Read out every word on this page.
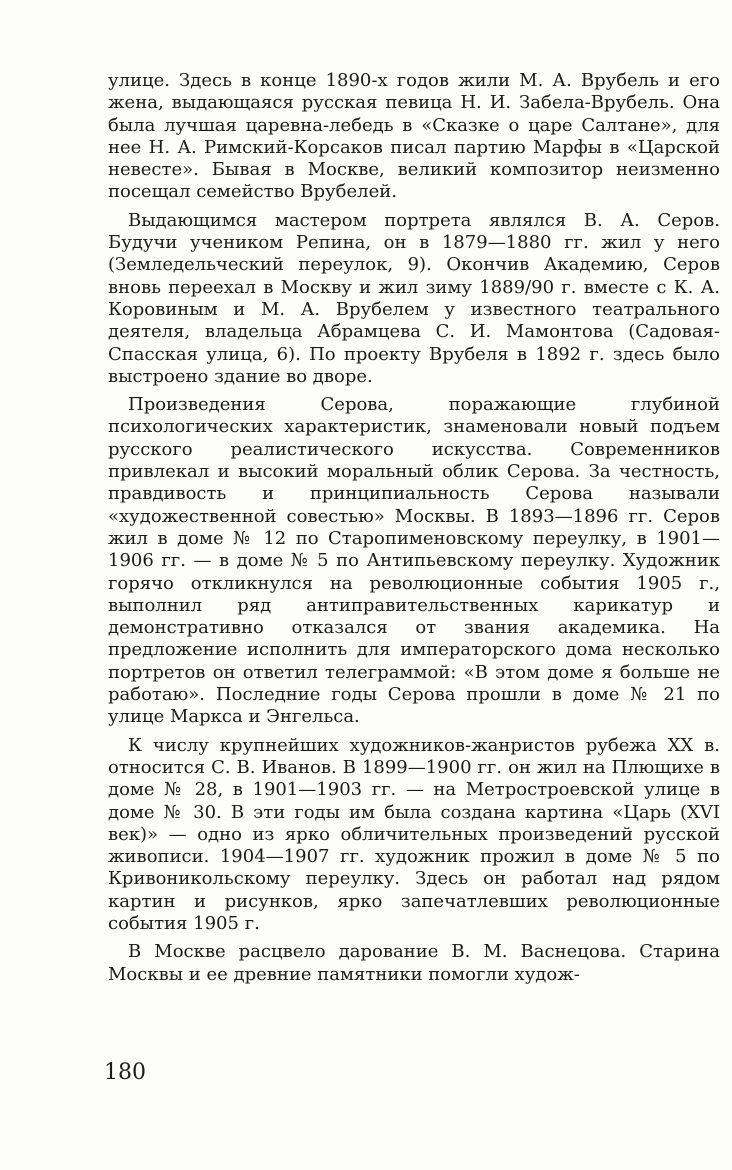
улице. Здесь в конце 1890-х годов жили М. А. Врубель и его жена, выдающаяся русская певица Н. И. Забела-Врубель. Она была лучшая царевна-лебедь в «Сказке о царе Салтане», для нее Н. А. Римский-Корсаков писал партию Марфы в «Царской невесте». Бывая в Москве, великий композитор неизменно посещал семейство Врубелей.

Выдающимся мастером портрета являлся В. А. Серов. Будучи учеником Репина, он в 1879—1880 гг. жил у него (Земледельческий переулок, 9). Окончив Академию, Серов вновь переехал в Москву и жил зиму 1889/90 г. вместе с К. А. Коровиным и М. А. Врубелем у известного театрального деятеля, владельца Абрамцева С. И. Мамонтова (Садовая-Спасская улица, 6). По проекту Врубеля в 1892 г. здесь было выстроено здание во дворе.

Произведения Серова, поражающие глубиной психологических характеристик, знаменовали новый подъем русского реалистического искусства. Современников привлекал и высокий моральный облик Серова. За честность, правдивость и принципиальность Серова называли «художественной совестью» Москвы. В 1893—1896 гг. Серов жил в доме № 12 по Старопименовскому переулку, в 1901—1906 гг. — в доме № 5 по Антипьевскому переулку. Художник горячо откликнулся на революционные события 1905 г., выполнил ряд антиправительственных карикатур и демонстративно отказался от звания академика. На предложение исполнить для императорского дома несколько портретов он ответил телеграммой: «В этом доме я больше не работаю». Последние годы Серова прошли в доме № 21 по улице Маркса и Энгельса.

К числу крупнейших художников-жанристов рубежа XX в. относится С. В. Иванов. В 1899—1900 гг. он жил на Плющихе в доме № 28, в 1901—1903 гг. — на Метростроевской улице в доме № 30. В эти годы им была создана картина «Царь (XVI век)» — одно из ярко обличительных произведений русской живописи. 1904—1907 гг. художник прожил в доме № 5 по Кривоникольскому переулку. Здесь он работал над рядом картин и рисунков, ярко запечатлевших революционные события 1905 г.

В Москве расцвело дарование В. М. Васнецова. Старина Москвы и ее древние памятники помогли худож-

180
